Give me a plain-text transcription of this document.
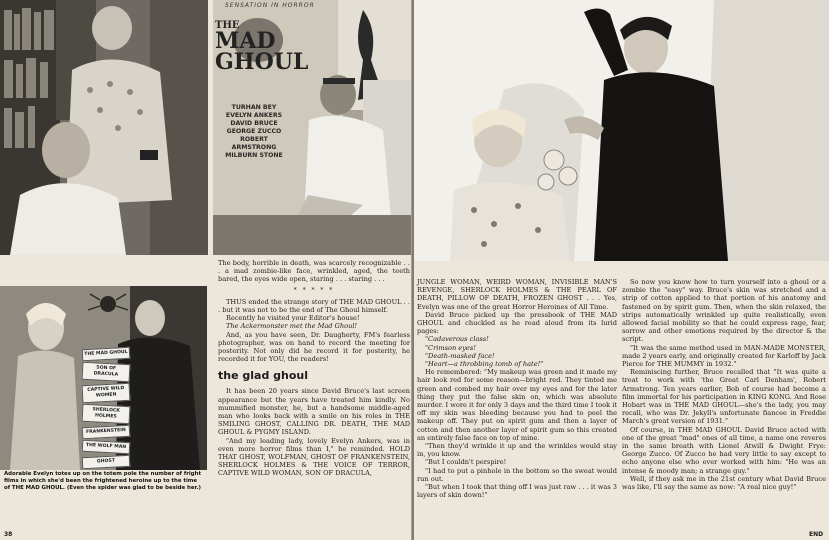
SENSATION IN HORROR
THE
MAD
GHOUL
TURHAN BEY
EVELYN ANKERS
DAVID BRUCE
GEORGE ZUCCO
ROBERT ARMSTRONG
MILBURN STONE
THE MAD GHOUL
SON OF DRACULA
CAPTIVE WILD WOMEN
SHERLOCK HOLMES
FRANKENSTEIN
THE WOLF MAN
GHOST
Adorable Evelyn totes up on the totem pole the number of fright films in which she'd been the frightened heroine up to the time of THE MAD GHOUL. (Even the spider was glad to be beside her.)
38

The body, horrible in death, was scarcely recognizable . . . a mad zombie-like face, wrinkled, aged, the teeth bared, the eyes wide open, staring . . . staring . . .

* * * * *

THUS ended the strange story of THE MAD GHOUL . . . but it was not to be the end of The Ghoul himself.

Recently he visited your Editor's house!

The Ackermonster met the Mad Ghoul!

And, as you have seen, Dr. Daugherty, FM's fearless photographer, was on hand to record the meeting for posterity. Not only did he record it for posterity, he recorded it for YOU, the readers!

the glad ghoul

It has been 20 years since David Bruce's last screen appearance but the years have treated him kindly. No mummified monster, he, but a handsome middle-aged man who looks back with a smile on his roles in THE SMILING GHOST, CALLING DR. DEATH, THE MAD GHOUL & PYGMY ISLAND.

"And my leading lady, lovely Evelyn Ankers, was in even more horror films than I," he reminded. HOLD THAT GHOST, WOLFMAN, GHOST OF FRANKENSTEIN, SHERLOCK HOLMES & THE VOICE OF TERROR, CAPTIVE WILD WOMAN, SON OF DRACULA,

JUNGLE WOMAN, WEIRD WOMAN, INVISIBLE MAN'S REVENGE, SHERLOCK HOLMES & THE PEARL OF DEATH, PILLOW OF DEATH, FROZEN GHOST . . . Yes, Evelyn was one of the great Horror Heroines of All Time.

David Bruce picked up the pressbook of THE MAD GHOUL and chuckled as he read aloud from its lurid pages:

"Cadaverous class!

"Crimson eyes!

"Death-masked face!

"Heart—a throbbing tomb of hate!"

He remembered: "My makeup was green and it made my hair look red for some reason—bright red. They tinted me green and combed my hair over my eyes and for the later thing they put the false skin on, which was absolute murder. I wore it for only 3 days and the third time I took it off my skin was bleeding because you had to peel the makeup off. They put on spirit gum and then a layer of cotton and then another layer of spirit gum so this created an entirely false face on top of mine.

"Then they'd wrinkle it up and the wrinkles would stay in, you know.

"But I couldn't perspire!

"I had to put a pinhole in the bottom so the sweat would run out.

"But when I took that thing off I was just raw . . . it was 3 layers of skin down!"

So now you know how to turn yourself into a ghoul or a zombie the "easy" way. Bruce's skin was stretched and a strip of cotton applied to that portion of his anatomy and fastened on by spirit gum. Then, when the skin relaxed, the strips automatically wrinkled up quite realistically, even allowed facial mobility so that he could express rage, fear, sorrow and other emotions required by the director & the script.

"It was the same method used in MAN-MADE MONSTER, made 2 years early, and originally created for Karloff by Jack Pierce for THE MUMMY in 1932."

Reminiscing further, Bruce recalled that "It was quite a treat to work with 'the Great Carl Denham', Robert Armstrong. Ten years earlier, Bob of course had become a film immortal for his participation in KING KONG. And Rose Hobart was in THE MAD GHOUL—she's the lady, you may recall, who was Dr. Jekyll's unfortunate fiancee in Freddie March's great version of 1931."

Of course, in THE MAD GHOUL David Bruce acted with one of the great "mad" ones of all time, a name one reveres in the same breath with Lionel Atwill & Dwight Frye: George Zucco. Of Zucco he had very little to say except to echo anyone else who ever worked with him: "He was an intense & moody man; a strange guy."

Well, if they ask me in the 21st century what David Bruce was like, I'll say the same as now: "A real nice guy!"

END
